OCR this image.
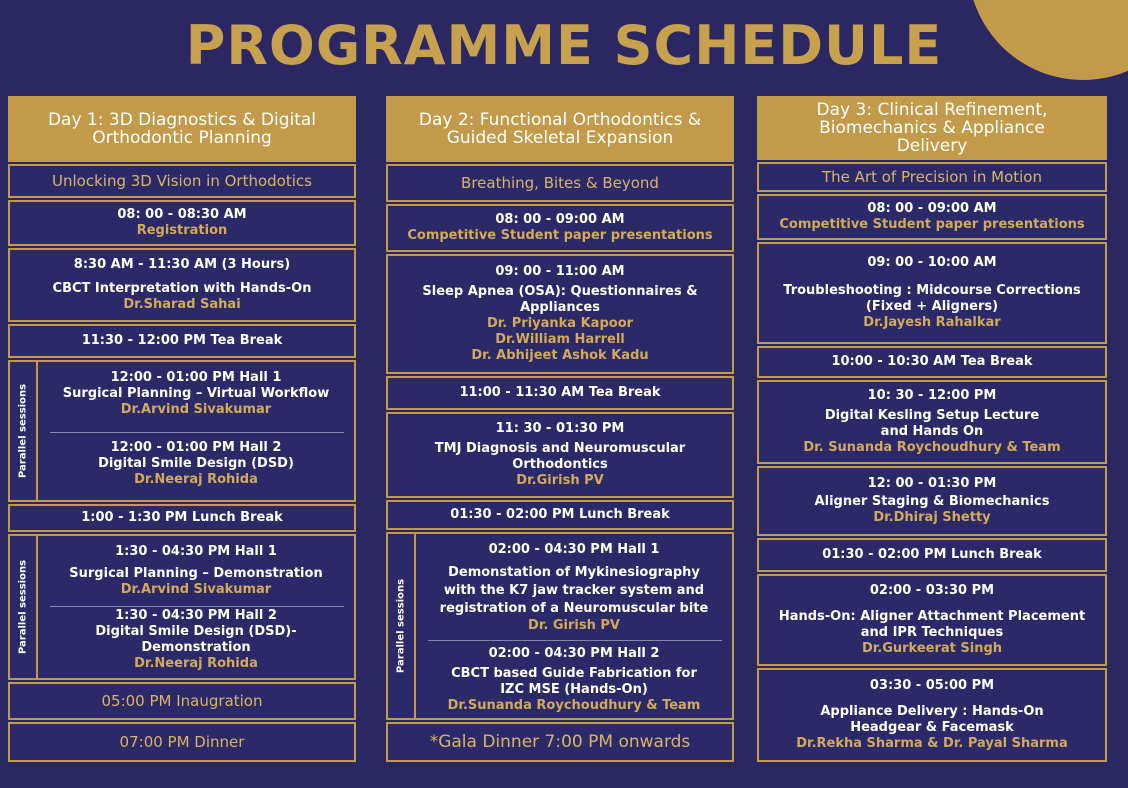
PROGRAMME SCHEDULE
Day 1: 3D Diagnostics & Digital Orthodontic Planning
Unlocking 3D Vision in Orthodotics
08: 00 - 08:30 AM
Registration
8:30 AM - 11:30 AM (3 Hours)
CBCT Interpretation with Hands-On
Dr.Sharad Sahai
11:30 - 12:00 PM Tea Break
Parallel sessions
12:00 - 01:00 PM Hall 1
Surgical Planning – Virtual Workflow
Dr.Arvind Sivakumar
12:00 - 01:00 PM Hall 2
Digital Smile Design (DSD)
Dr.Neeraj Rohida
1:00 - 1:30 PM Lunch Break
Parallel sessions
1:30 - 04:30 PM Hall 1
Surgical Planning – Demonstration
Dr.Arvind Sivakumar
1:30 - 04:30 PM Hall 2
Digital Smile Design (DSD)-
Demonstration
Dr.Neeraj Rohida
05:00 PM Inaugration
07:00 PM Dinner
Day 2: Functional Orthodontics & Guided Skeletal Expansion
Breathing, Bites & Beyond
08: 00 - 09:00 AM
Competitive Student paper presentations
09: 00 - 11:00 AM
Sleep Apnea (OSA): Questionnaires &
Appliances
Dr. Priyanka Kapoor
Dr.William Harrell
Dr. Abhijeet Ashok Kadu
11:00 - 11:30 AM Tea Break
11: 30 - 01:30 PM
TMJ Diagnosis and Neuromuscular
Orthodontics
Dr.Girish PV
01:30 - 02:00 PM Lunch Break
Parallel sessions
02:00 - 04:30 PM Hall 1
Demonstation of Mykinesiography
with the K7 jaw tracker system and
registration of a Neuromuscular bite
Dr. Girish PV
02:00 - 04:30 PM Hall 2
CBCT based Guide Fabrication for
IZC MSE (Hands-On)
Dr.Sunanda Roychoudhury & Team
*Gala Dinner 7:00 PM onwards
Day 3: Clinical Refinement, Biomechanics & Appliance Delivery
The Art of Precision in Motion
08: 00 - 09:00 AM
Competitive Student paper presentations
09: 00 - 10:00 AM
Troubleshooting : Midcourse Corrections
(Fixed + Aligners)
Dr.Jayesh Rahalkar
10:00 - 10:30 AM Tea Break
10: 30 - 12:00 PM
Digital Kesling Setup Lecture
and Hands On
Dr. Sunanda Roychoudhury & Team
12: 00 - 01:30 PM
Aligner Staging & Biomechanics
Dr.Dhiraj Shetty
01:30 - 02:00 PM Lunch Break
02:00 - 03:30 PM
Hands-On: Aligner Attachment Placement
and IPR Techniques
Dr.Gurkeerat Singh
03:30 - 05:00 PM
Appliance Delivery : Hands-On
Headgear & Facemask
Dr.Rekha Sharma & Dr. Payal Sharma
